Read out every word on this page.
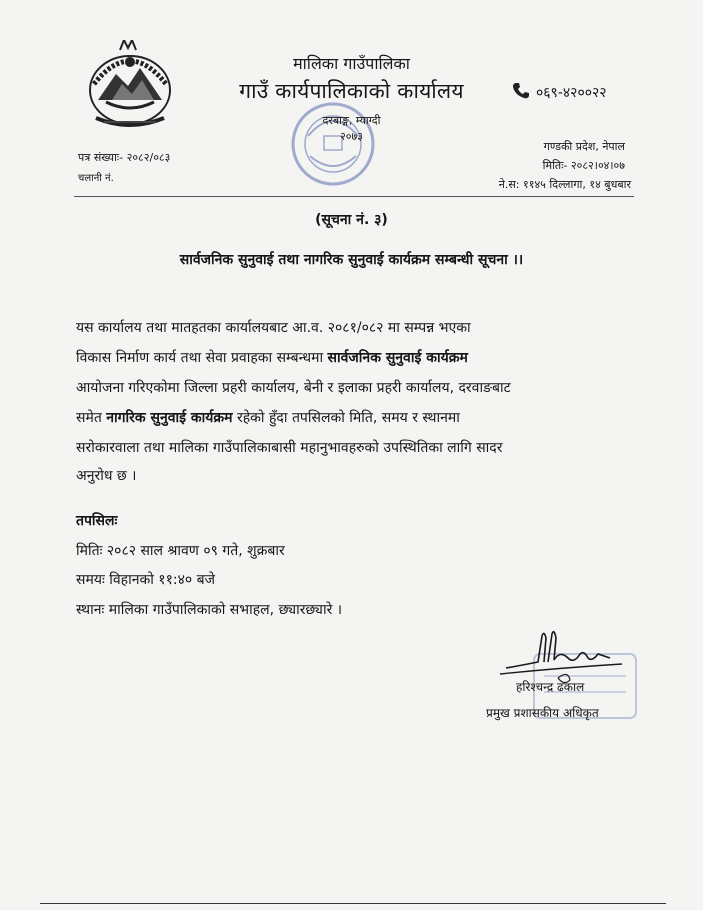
मालिका गाउँपालिका
गाउँ कार्यपालिकाको कार्यालय	०६९-४२००२२
दरबाङ्ग, म्याग्दी
२०७३
पत्र संख्याः- २०८२/०८३
चलानी नं.
गण्डकी प्रदेश, नेपाल
मितिः- २०८२।०४।०७
ने.स: ११४५ दिल्लागा, १४ बुधबार
(सूचना नं. ३)
सार्वजनिक सुनुवाई तथा नागरिक सुनुवाई कार्यक्रम सम्बन्धी सूचना ।।
यस कार्यालय तथा मातहतका कार्यालयबाट आ.व. २०८१/०८२ मा सम्पन्न भएका
विकास निर्माण कार्य तथा सेवा प्रवाहका सम्बन्धमा सार्वजनिक सुनुवाई कार्यक्रम
आयोजना गरिएकोमा जिल्ला प्रहरी कार्यालय, बेनी र इलाका प्रहरी कार्यालय, दरवाङबाट
समेत नागरिक सुनुवाई कार्यक्रम रहेको हुँदा तपसिलको मिति, समय र स्थानमा
सरोकारवाला तथा मालिका गाउँपालिकाबासी महानुभावहरुको उपस्थितिका लागि सादर
अनुरोध छ ।
तपसिलः
मितिः २०८२ साल श्रावण ०९ गते, शुक्रबार
समयः विहानको ११:४० बजे
स्थानः मालिका गाउँपालिकाको सभाहल, छ्यारछ्यारे ।
हरिश्चन्द्र ढकाल
प्रमुख प्रशासकीय अधिकृत
